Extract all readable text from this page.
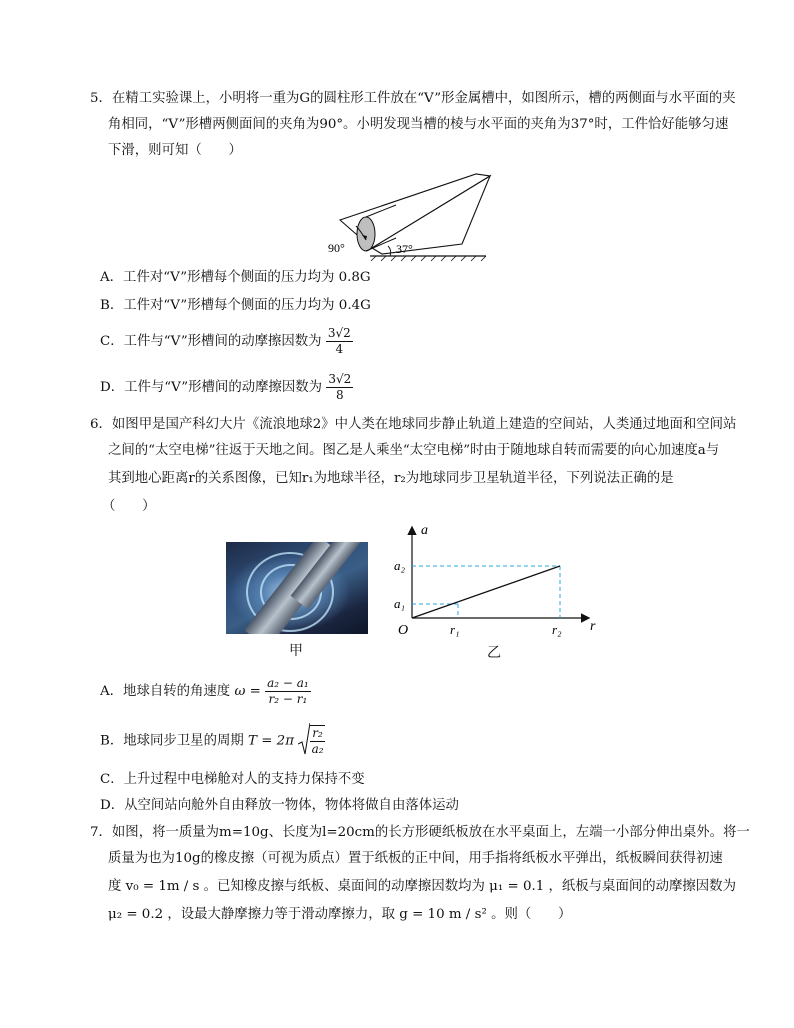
5．在精工实验课上，小明将一重为G的圆柱形工件放在“V”形金属槽中，如图所示，槽的两侧面与水平面的夹
角相同，“V”形槽两侧面间的夹角为90°。小明发现当槽的棱与水平面的夹角为37°时，工件恰好能够匀速
下滑，则可知（　　）
90°	37°
A．工件对“V”形槽每个侧面的压力均为 0.8G
B．工件对“V”形槽每个侧面的压力均为 0.4G
C．工件与“V”形槽间的动摩擦因数为 $\frac{3√2}{4}$
D．工件与“V”形槽间的动摩擦因数为 $\frac{3√2}{8}$
6．如图甲是国产科幻大片《流浪地球2》中人类在地球同步静止轨道上建造的空间站，人类通过地面和空间站
之间的“太空电梯”往返于天地之间。图乙是人乘坐“太空电梯”时由于随地球自转而需要的向心加速度a与
其到地心距离r的关系图像，已知r₁为地球半径，r₂为地球同步卫星轨道半径，下列说法正确的是
（　　）
甲	乙
a
r
O
a₂
a₁
r₁	r₂
A．地球自转的角速度 $\omega = \frac{\text{a₂ − a₁}}{\text{r₂ − r₁}}$
B．地球同步卫星的周期 $T = 2\pi \frac{\text{r₂}}{\text{a₂}}$
C．上升过程中电梯舱对人的支持力保持不变
D．从空间站向舱外自由释放一物体，物体将做自由落体运动
7．如图，将一质量为m=10g、长度为l=20cm的长方形硬纸板放在水平桌面上，左端一小部分伸出桌外。将一
质量为也为10g的橡皮擦（可视为质点）置于纸板的正中间，用手指将纸板水平弹出，纸板瞬间获得初速
度 v₀ = 1m / s 。已知橡皮擦与纸板、桌面间的动摩擦因数均为 μ₁ = 0.1 ，纸板与桌面间的动摩擦因数为
μ₂ = 0.2 ，设最大静摩擦力等于滑动摩擦力，取 g = 10 m / s² 。则（　　）
